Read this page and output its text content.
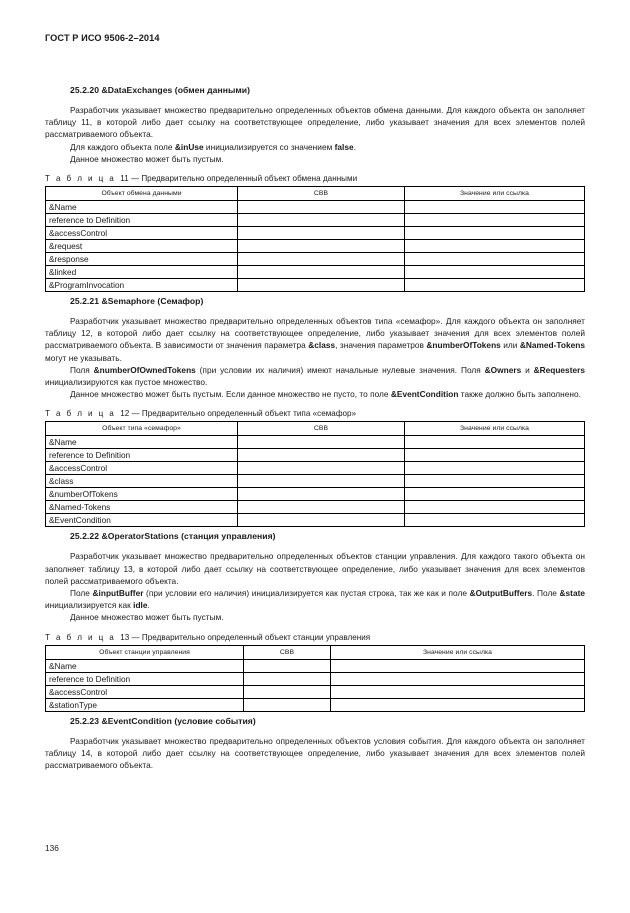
ГОСТ Р ИСО 9506-2–2014
25.2.20 &DataExchanges (обмен данными)

Разработчик указывает множество предварительно определенных объектов обмена данными. Для каждого объекта он заполняет таблицу 11, в которой либо дает ссылку на соответствующее определение, либо указывает значения для всех элементов полей рассматриваемого объекта.

Для каждого объекта поле &inUse инициализируется со значением false.

Данное множество может быть пустым.

Т а б л и ц а 11 — Предварительно определенный объект обмена данными
Объект обмена данными	СВВ	Значение или ссылка
&Name		
reference to Definition		
&accessControl		
&request		
&response		
&linked		
&ProgramInvocation		
25.2.21 &Semaphore (Семафор)

Разработчик указывает множество предварительно определенных объектов типа «семафор». Для каждого объекта он заполняет таблицу 12, в которой либо дает ссылку на соответствующее определение, либо указывает значения для всех элементов полей рассматриваемого объекта. В зависимости от значения параметра &class, значения параметров &numberOfTokens или &Named-Tokens могут не указывать.

Поля &numberOfOwnedTokens (при условии их наличия) имеют начальные нулевые значения. Поля &Owners и &Requesters инициализируются как пустое множество.

Данное множество может быть пустым. Если данное множество не пусто, то поле &EventCondition также должно быть заполнено.

Т а б л и ц а 12 — Предварительно определенный объект типа «семафор»
Объект типа «семафор»	СВВ	Значение или ссылка
&Name		
reference to Definition		
&accessControl		
&class		
&numberOfTokens		
&Named-Tokens		
&EventCondition		
25.2.22 &OperatorStations (станция управления)

Разработчик указывает множество предварительно определенных объектов станции управления. Для каждого такого объекта он заполняет таблицу 13, в которой либо дает ссылку на соответствующее определение, либо указывает значения для всех элементов полей рассматриваемого объекта.

Поле &inputBuffer (при условии его наличия) инициализируется как пустая строка, так же как и поле &OutputBuffers. Поле &state инициализируется как idle.

Данное множество может быть пустым.

Т а б л и ц а 13 — Предварительно определенный объект станции управления
Объект станции управления	СВВ	Значение или ссылка
&Name		
reference to Definition		
&accessControl		
&stationType		
25.2.23 &EventCondition (условие события)

Разработчик указывает множество предварительно определенных объектов условия события. Для каждого объекта он заполняет таблицу 14, в которой либо дает ссылку на соответствующее определение, либо указывает значения для всех элементов полей рассматриваемого объекта.

136
